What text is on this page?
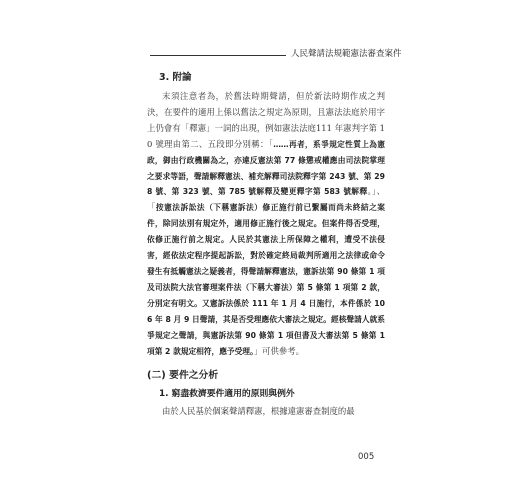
人民聲請法規範憲法審查案件
3. 附論

末須注意者為，於舊法時期聲請，但於新法時期作成之判決，在要件的適用上係以舊法之規定為原則，且憲法法庭於用字上仍會有「釋憲」一詞的出現，例如憲法法庭111 年憲判字第 10 號理由第二、五段即分別稱：「……再者，系爭規定性質上為憲政，御由行政機關為之，亦違反憲法第 77 條懲戒權應由司法院掌理之要求等語，聲請解釋憲法、補充解釋司法院釋字第 243 號、第 298 號、第 323 號、第 785 號解釋及變更釋字第 583 號解釋。」、「按憲法訴訟法（下稱憲訴法）修正施行前已繫屬而尚未終結之案件，除同法別有規定外，適用修正施行後之規定。但案件得否受理，依修正施行前之規定。人民於其憲法上所保障之權利，遭受不法侵害，經依法定程序提起訴訟，對於確定終局裁判所適用之法律或命令發生有抵觸憲法之疑義者，得聲請解釋憲法，憲訴法第 90 條第 1 項及司法院大法官審理案件法（下稱大審法）第 5 條第 1 項第 2 款，分別定有明文。又憲訴法係於 111 年 1 月 4 日施行，本件係於 106 年 8 月 9 日聲請，其是否受理應依大審法之規定。經核聲請人就系爭規定之聲請，與憲訴法第 90 條第 1 項但書及大審法第 5 條第 1 項第 2 款規定相符，應予受理。」可供參考。

(二) 要件之分析
1. 窮盡救濟要件適用的原則與例外

由於人民基於個案聲請釋憲，根據違憲審查制度的最

005
